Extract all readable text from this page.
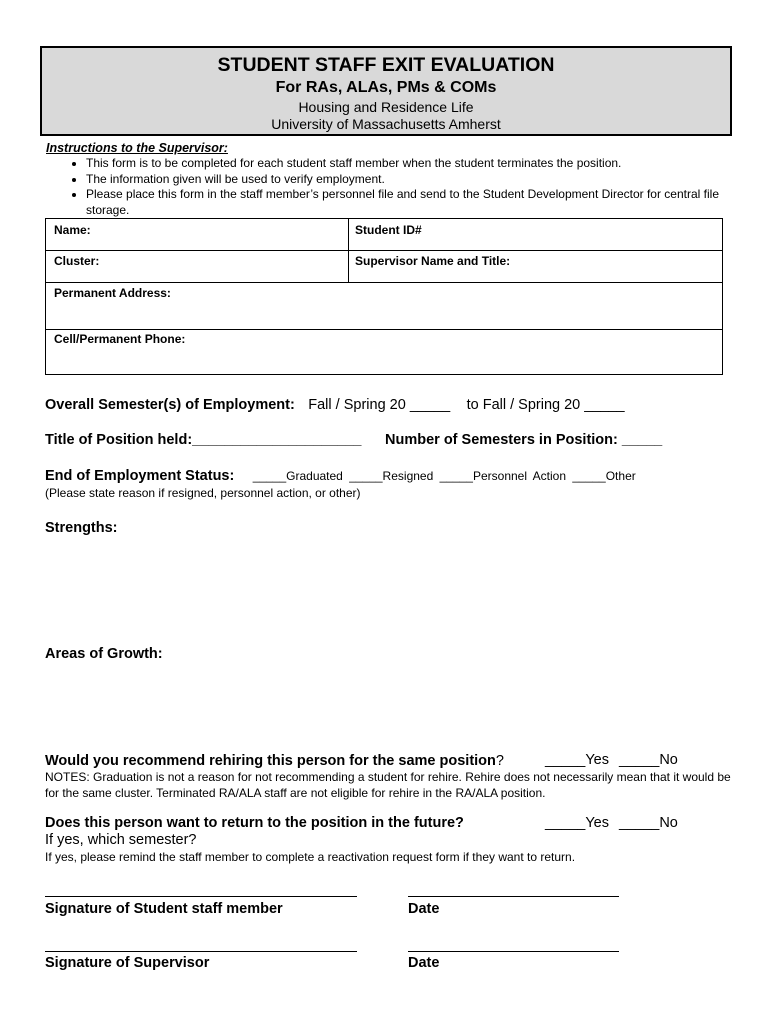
STUDENT STAFF EXIT EVALUATION
For RAs, ALAs, PMs & COMs
Housing and Residence Life
University of Massachusetts Amherst
Instructions to the Supervisor:
• This form is to be completed for each student staff member when the student terminates the position.
• The information given will be used to verify employment.
• Please place this form in the staff member’s personnel file and send to the Student Development Director for central file storage.
Name:	Student ID#
Cluster:	Supervisor Name and Title:
Permanent Address:
Cell/Permanent Phone:
Overall Semester(s) of Employment: Fall / Spring 20 _____ to Fall / Spring 20 _____
Title of Position held:_____________________ Number of Semesters in Position: _____
End of Employment Status: _____Graduated _____Resigned _____Personnel Action _____Other
(Please state reason if resigned, personnel action, or other)
Strengths:
Areas of Growth:
Would you recommend rehiring this person for the same position?	_____Yes _____No
NOTES: Graduation is not a reason for not recommending a student for rehire. Rehire does not necessarily mean that it would be for the same cluster. Terminated RA/ALA staff are not eligible for rehire in the RA/ALA position.
Does this person want to return to the position in the future?	_____Yes _____No
If yes, which semester?
If yes, please remind the staff member to complete a reactivation request form if they want to return.
Signature of Student staff member	Date
Signature of Supervisor	Date
